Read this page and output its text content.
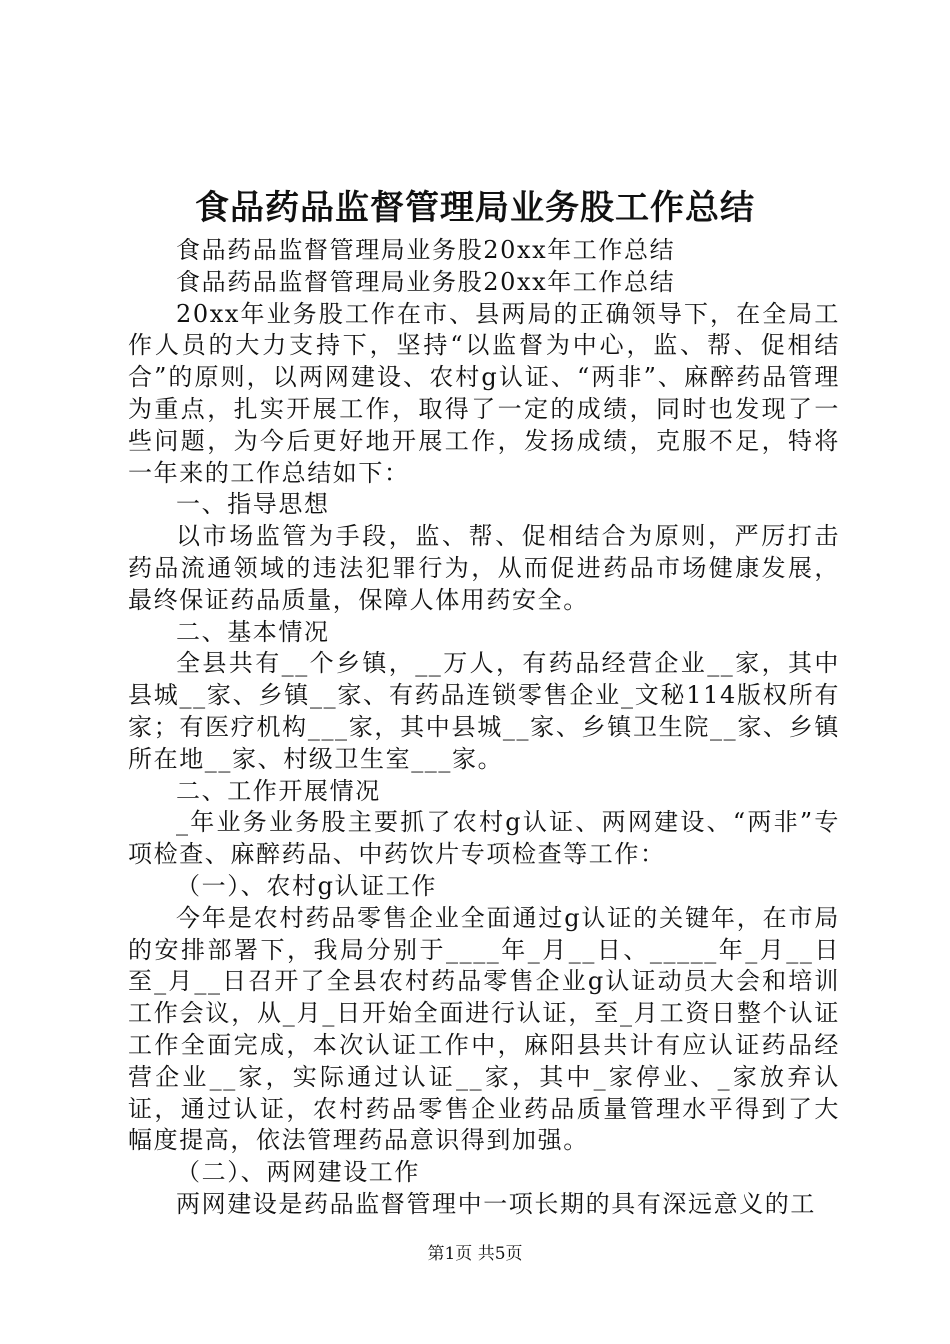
食品药品监督管理局业务股工作总结

食品药品监督管理局业务股20xx年工作总结

食品药品监督管理局业务股20xx年工作总结

20xx年业务股工作在市、县两局的正确领导下，在全局工作人员的大力支持下，坚持“以监督为中心，监、帮、促相结合”的原则，以两网建设、农村g认证、“两非”、麻醉药品管理为重点，扎实开展工作，取得了一定的成绩，同时也发现了一些问题，为今后更好地开展工作，发扬成绩，克服不足，特将一年来的工作总结如下：

一、指导思想

以市场监管为手段，监、帮、促相结合为原则，严厉打击药品流通领域的违法犯罪行为，从而促进药品市场健康发展，最终保证药品质量，保障人体用药安全。

二、基本情况

全县共有__个乡镇，__万人，有药品经营企业__家，其中县城__家、乡镇__家、有药品连锁零售企业_文秘114版权所有家；有医疗机构___家，其中县城__家、乡镇卫生院__家、乡镇所在地__家、村级卫生室___家。

二、工作开展情况

_年业务业务股主要抓了农村g认证、两网建设、“两非”专项检查、麻醉药品、中药饮片专项检查等工作：

（一）、农村g认证工作

今年是农村药品零售企业全面通过g认证的关键年，在市局的安排部署下，我局分别于____年_月__日、_____年_月__日至_月__日召开了全县农村药品零售企业g认证动员大会和培训工作会议，从_月_日开始全面进行认证，至_月工资日整个认证工作全面完成，本次认证工作中，麻阳县共计有应认证药品经营企业__家，实际通过认证__家，其中_家停业、_家放弃认证，通过认证，农村药品零售企业药品质量管理水平得到了大幅度提高，依法管理药品意识得到加强。

（二）、两网建设工作

两网建设是药品监督管理中一项长期的具有深远意义的工

第1页 共5页
